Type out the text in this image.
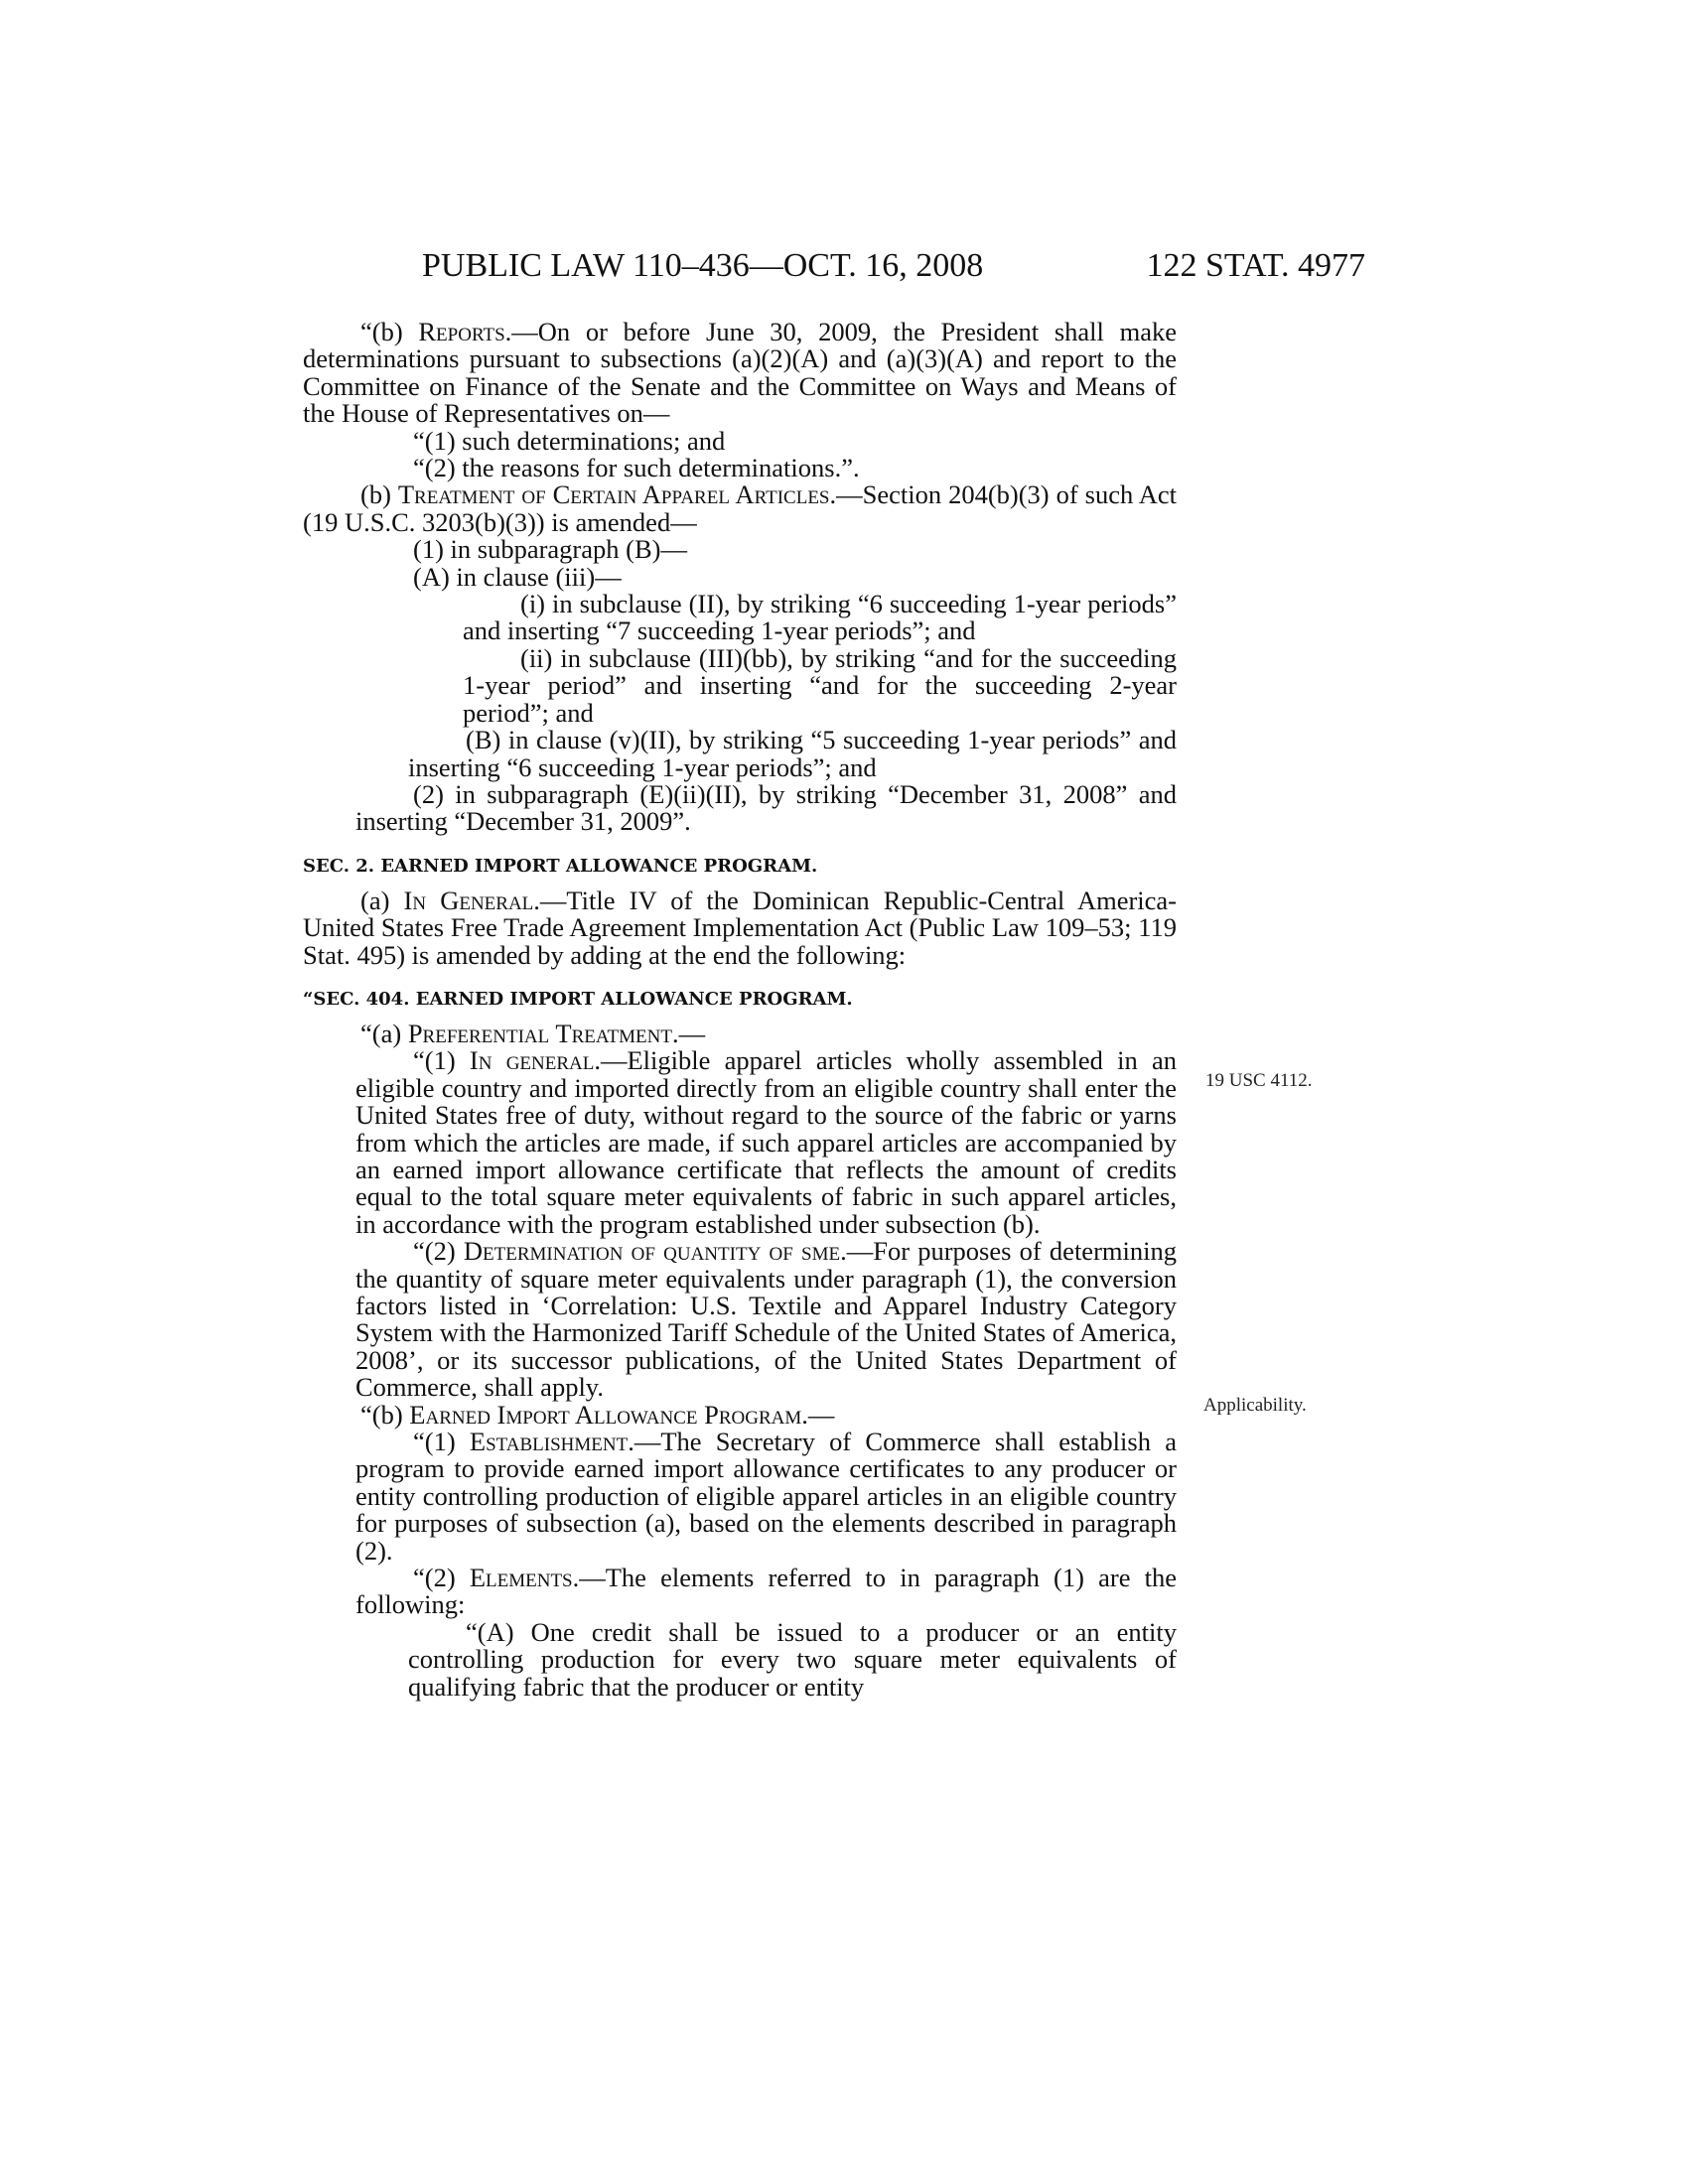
PUBLIC LAW 110–436—OCT. 16, 2008	122 STAT. 4977
19 USC 4112.
Applicability.

“(b) Reports.—On or before June 30, 2009, the President shall make determinations pursuant to subsections (a)(2)(A) and (a)(3)(A) and report to the Committee on Finance of the Senate and the Committee on Ways and Means of the House of Representatives on—

“(1) such determinations; and

“(2) the reasons for such determinations.”.

(b) Treatment of Certain Apparel Articles.—Section 204(b)(3) of such Act (19 U.S.C. 3203(b)(3)) is amended—

(1) in subparagraph (B)—

(A) in clause (iii)—

(i) in subclause (II), by striking “6 succeeding 1-year periods” and inserting “7 succeeding 1-year periods”; and

(ii) in subclause (III)(bb), by striking “and for the succeeding 1-year period” and inserting “and for the succeeding 2-year period”; and

(B) in clause (v)(II), by striking “5 succeeding 1-year periods” and inserting “6 succeeding 1-year periods”; and

(2) in subparagraph (E)(ii)(II), by striking “December 31, 2008” and inserting “December 31, 2009”.

SEC. 2. EARNED IMPORT ALLOWANCE PROGRAM.

(a) In General.—Title IV of the Dominican Republic-Central America-United States Free Trade Agreement Implementation Act (Public Law 109–53; 119 Stat. 495) is amended by adding at the end the following:

“SEC. 404. EARNED IMPORT ALLOWANCE PROGRAM.

“(a) Preferential Treatment.—

“(1) In general.—Eligible apparel articles wholly assembled in an eligible country and imported directly from an eligible country shall enter the United States free of duty, without regard to the source of the fabric or yarns from which the articles are made, if such apparel articles are accompanied by an earned import allowance certificate that reflects the amount of credits equal to the total square meter equivalents of fabric in such apparel articles, in accordance with the program established under subsection (b).

“(2) Determination of quantity of sme.—For purposes of determining the quantity of square meter equivalents under paragraph (1), the conversion factors listed in ‘Correlation: U.S. Textile and Apparel Industry Category System with the Harmonized Tariff Schedule of the United States of America, 2008’, or its successor publications, of the United States Department of Commerce, shall apply.

“(b) Earned Import Allowance Program.—

“(1) Establishment.—The Secretary of Commerce shall establish a program to provide earned import allowance certificates to any producer or entity controlling production of eligible apparel articles in an eligible country for purposes of subsection (a), based on the elements described in paragraph (2).

“(2) Elements.—The elements referred to in paragraph (1) are the following:

“(A) One credit shall be issued to a producer or an entity controlling production for every two square meter equivalents of qualifying fabric that the producer or entity
